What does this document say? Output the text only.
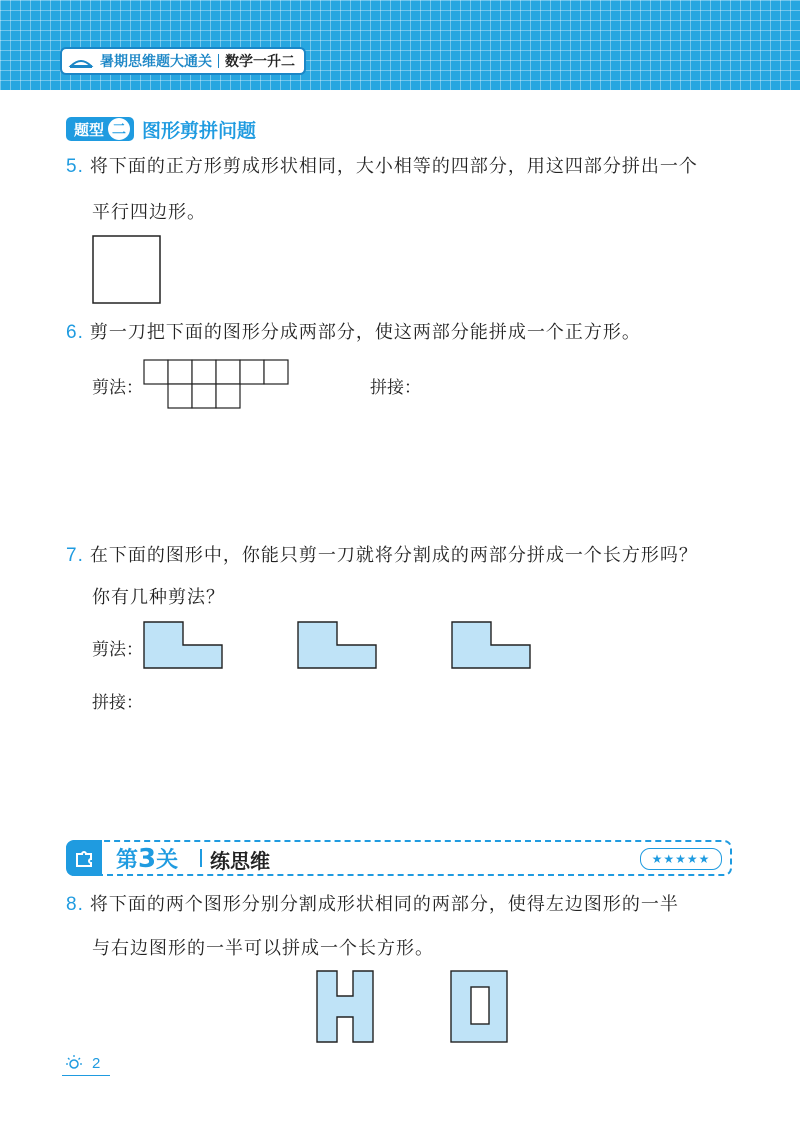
暑期思维题大通关 数学一升二
题型 二 图形剪拼问题
5. 将下面的正方形剪成形状相同，大小相等的四部分，用这四部分拼出一个
平行四边形。
6. 剪一刀把下面的图形分成两部分，使这两部分能拼成一个正方形。
剪法：	拼接：
7. 在下面的图形中，你能只剪一刀就将分割成的两部分拼成一个长方形吗？
你有几种剪法？
剪法：
拼接：
第3关 练思维	★★★★★
8. 将下面的两个图形分别分割成形状相同的两部分，使得左边图形的一半
与右边图形的一半可以拼成一个长方形。
2
